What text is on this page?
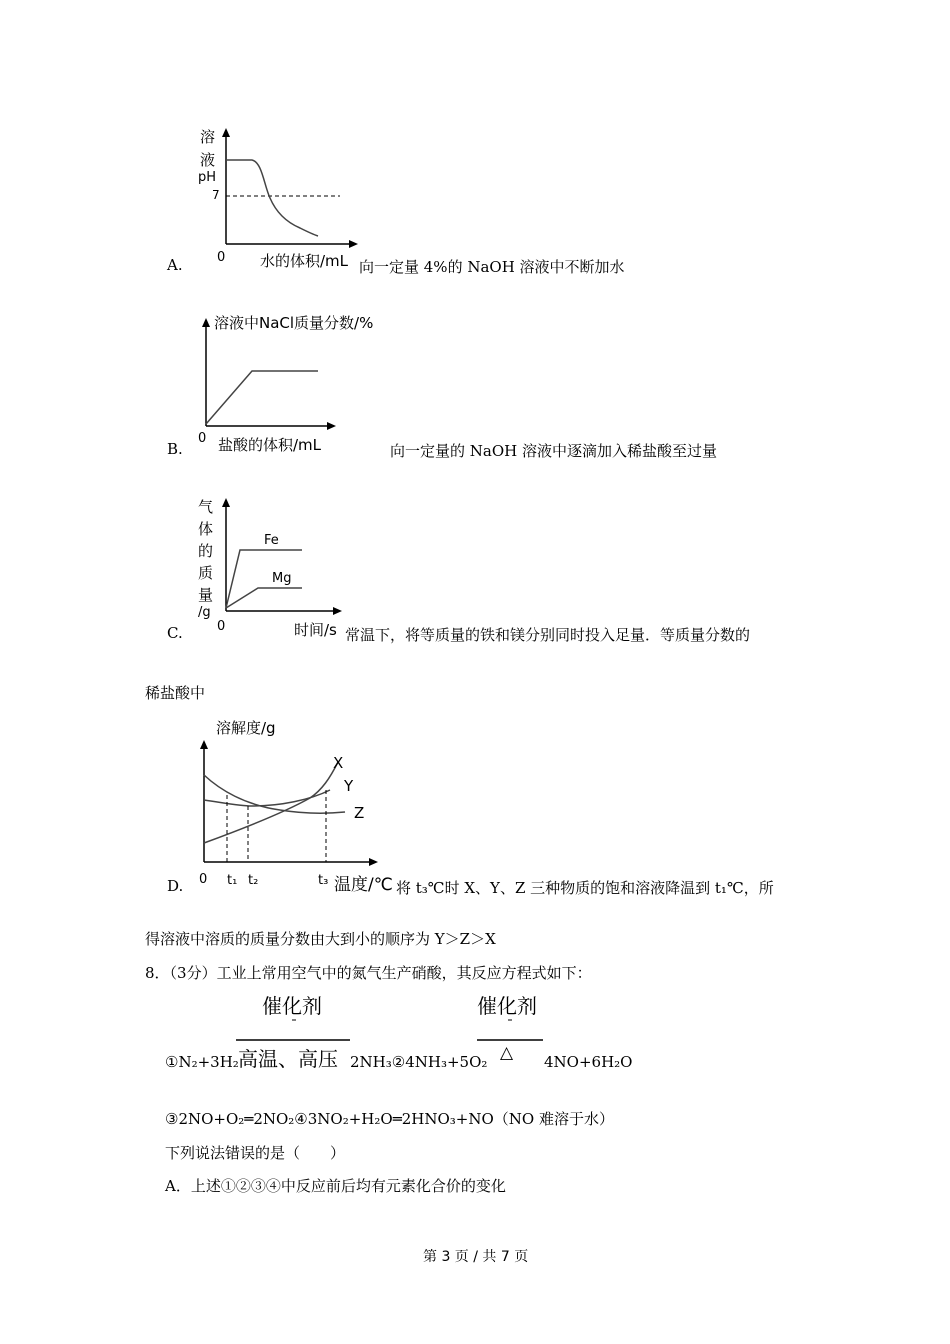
溶
液
pH
7
0 水的体积/mL
A.	向一定量 4%的 NaOH 溶液中不断加水
溶液中NaCl质量分数/%
0 盐酸的体积/mL
B.	向一定量的 NaOH 溶液中逐滴加入稀盐酸至过量
气
体
的
质
量
/g
Fe
Mg
0	时间/s
C.	常温下，将等质量的铁和镁分别同时投入足量．等质量分数的
稀盐酸中
溶解度/g
X
Y
Z
0 t₁ t₂	t₃ 温度/℃
D.	将 t₃℃时 X、Y、Z 三种物质的饱和溶液降温到 t₁℃，所
得溶液中溶质的质量分数由大到小的顺序为 Y＞Z＞X
8．（3分）工业上常用空气中的氮气生产硝酸，其反应方程式如下：
催化剂	催化剂
高温、高压	△
①N₂+3H₂	2NH₃②4NH₃+5O₂	4NO+6H₂O
③2NO+O₂═2NO₂④3NO₂+H₂O═2HNO₃+NO（NO 难溶于水）
下列说法错误的是（　　）
A．上述①②③④中反应前后均有元素化合价的变化
第 3 页 / 共 7 页
